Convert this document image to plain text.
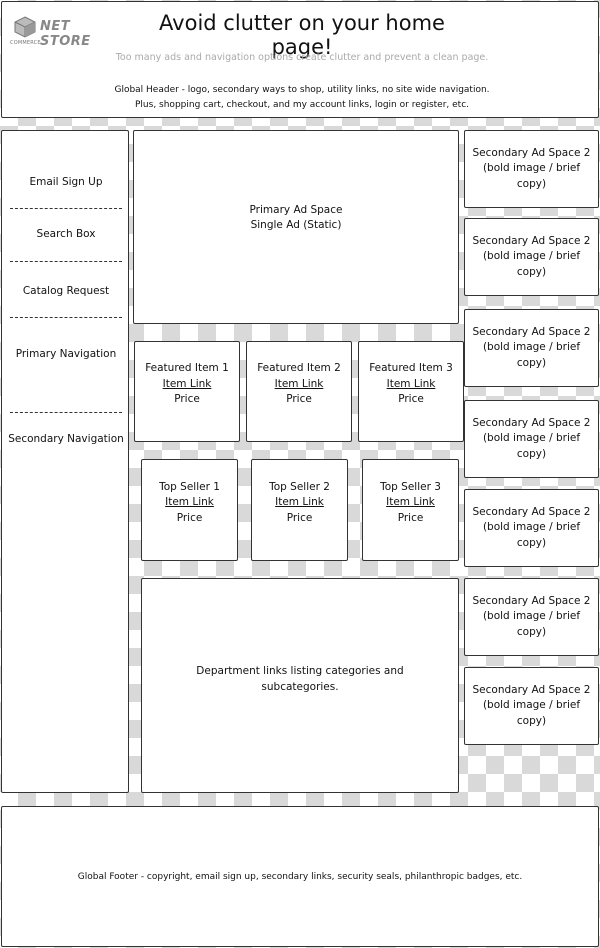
NET STORE
COMMERCE
Avoid clutter on your home page!
Too many ads and navigation options create clutter and prevent a clean page.
Global Header - logo, secondary ways to shop, utility links, no site wide navigation.
Plus, shopping cart, checkout, and my account links, login or register, etc.
Email Sign Up
Search Box
Catalog Request
Primary Navigation
Secondary Navigation
Primary Ad Space
Single Ad (Static)
Featured Item 1
Item Link
Price
Featured Item 2
Item Link
Price
Featured Item 3
Item Link
Price
Top Seller 1
Item Link
Price
Top Seller 2
Item Link
Price
Top Seller 3
Item Link
Price
Department links listing categories and
subcategories.
Secondary Ad Space 2
(bold image / brief
copy)
Secondary Ad Space 2
(bold image / brief
copy)
Secondary Ad Space 2
(bold image / brief
copy)
Secondary Ad Space 2
(bold image / brief
copy)
Secondary Ad Space 2
(bold image / brief
copy)
Secondary Ad Space 2
(bold image / brief
copy)
Secondary Ad Space 2
(bold image / brief
copy)
Global Footer - copyright, email sign up, secondary links, security seals, philanthropic badges, etc.
